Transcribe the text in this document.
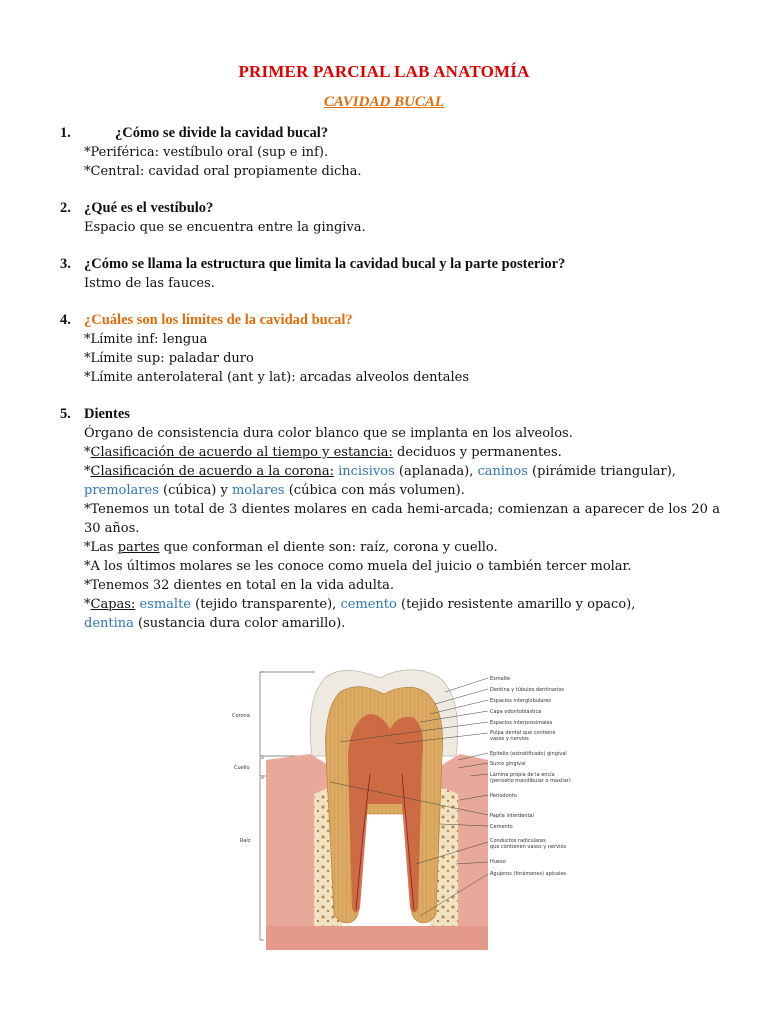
PRIMER PARCIAL LAB ANATOMÍA
CAVIDAD BUCAL
1.	¿Cómo se divide la cavidad bucal?

*Periférica: vestíbulo oral (sup e inf).

*Central: cavidad oral propiamente dicha.

2. ¿Qué es el vestíbulo?

Espacio que se encuentra entre la gingiva.

3. ¿Cómo se llama la estructura que limita la cavidad bucal y la parte posterior?

Istmo de las fauces.

4. ¿Cuáles son los límites de la cavidad bucal?

*Límite inf: lengua

*Límite sup: paladar duro

*Límite anterolateral (ant y lat): arcadas alveolos dentales

5. Dientes

Órgano de consistencia dura color blanco que se implanta en los alveolos.

*Clasificación de acuerdo al tiempo y estancia: deciduos y permanentes.

*Clasificación de acuerdo a la corona: incisivos (aplanada), caninos (pirámide triangular),

premolares (cúbica) y molares (cúbica con más volumen).

*Tenemos un total de 3 dientes molares en cada hemi-arcada; comienzan a aparecer de los 20 a 30 años.

*Las partes que conforman el diente son: raíz, corona y cuello.

*A los últimos molares se les conoce como muela del juicio o también tercer molar.

*Tenemos 32 dientes en total en la vida adulta.

*Capas: esmalte (tejido transparente), cemento (tejido resistente amarillo y opaco),

dentina (sustancia dura color amarillo).

Corona
Cuello
Raíz
Esmalte
Dentina y túbulos dentinarios
Espacios interglobulares
Capa odontoblástica
Espacios interprosimales
Pulpa dental que contiene
vasos y nervios
Epitelio (estratificado) gingival
Surco gingival
Lámina propia de la encía
(periostio mandibular o maxilar)
Periodonto
Papila interdental
Cemento
Conductos radiculares
que contienen vasos y nervios
Hueso
Agujeros (forámenes) apicales
